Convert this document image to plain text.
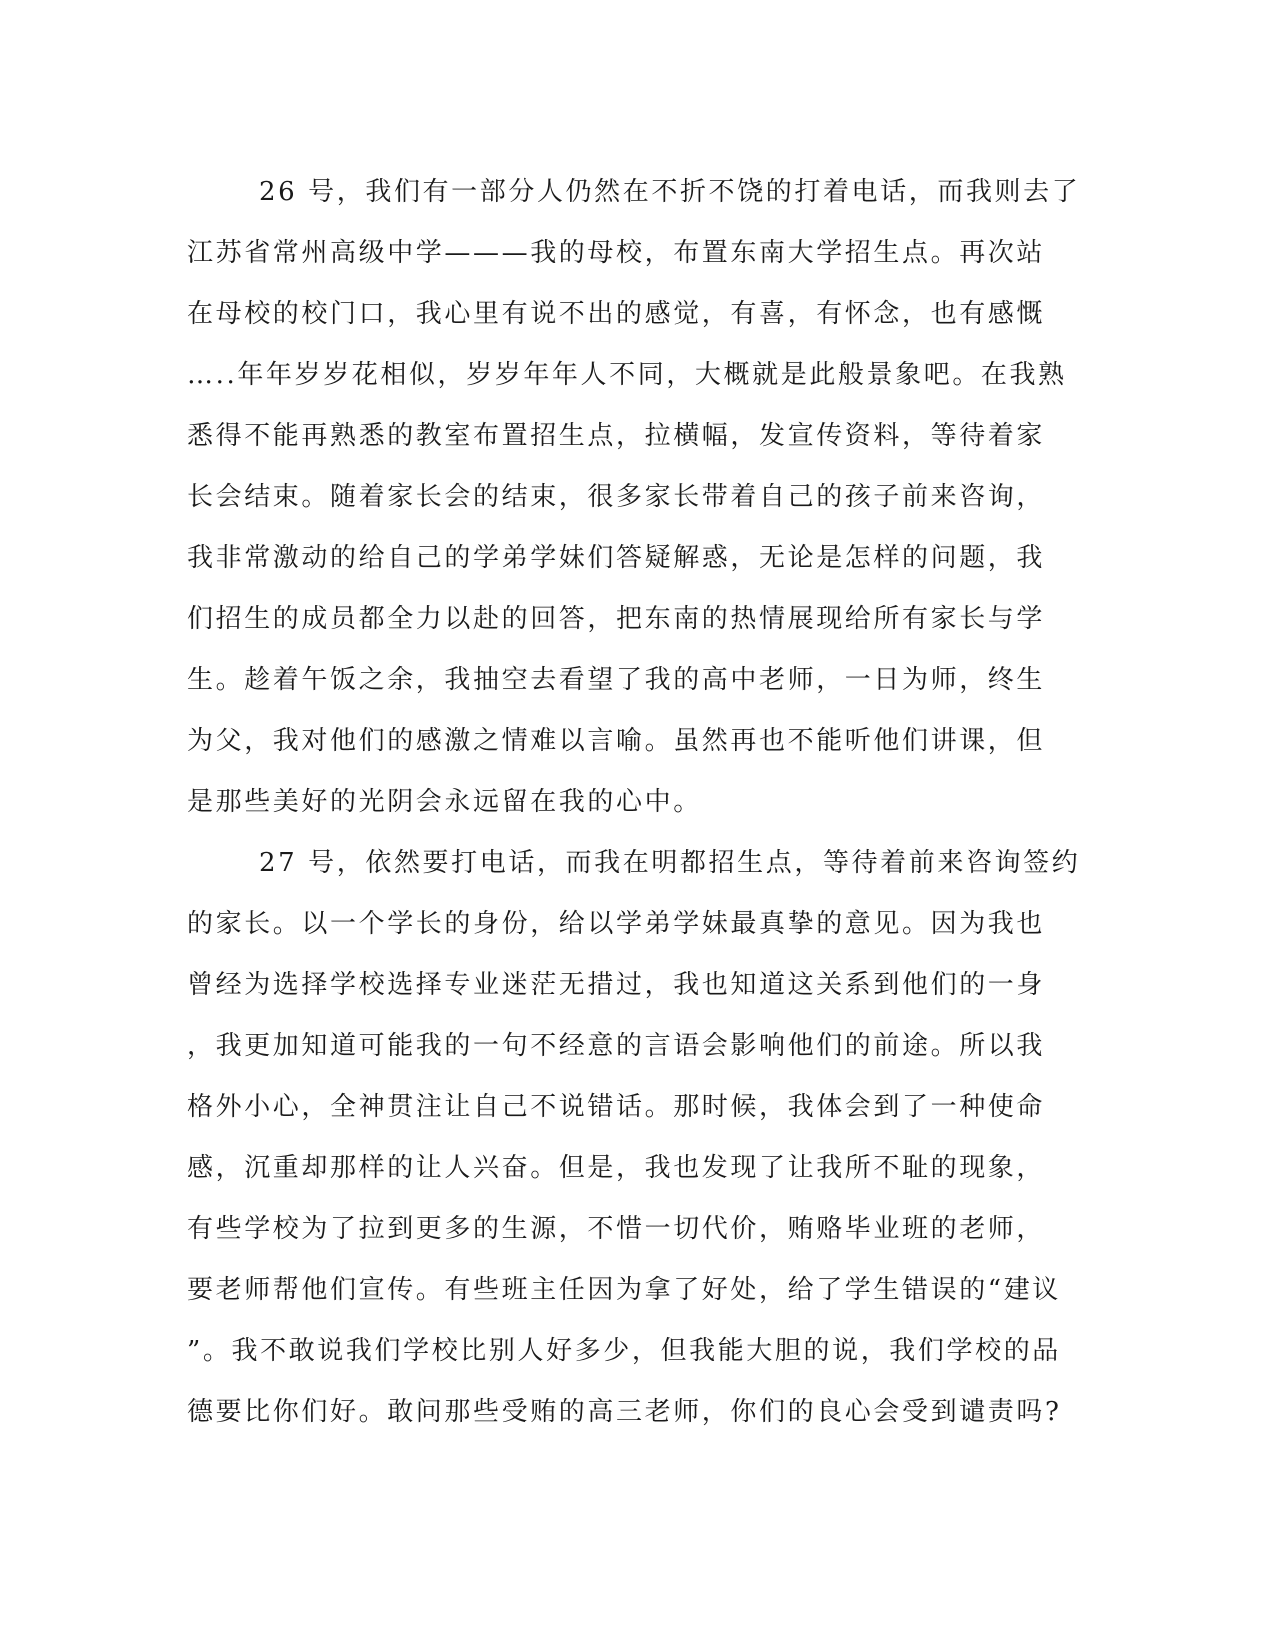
26 号，我们有一部分人仍然在不折不饶的打着电话，而我则去了
江苏省常州高级中学———我的母校，布置东南大学招生点。再次站
在母校的校门口，我心里有说不出的感觉，有喜，有怀念，也有感慨
…..年年岁岁花相似，岁岁年年人不同，大概就是此般景象吧。在我熟
悉得不能再熟悉的教室布置招生点，拉横幅，发宣传资料，等待着家
长会结束。随着家长会的结束，很多家长带着自己的孩子前来咨询，
我非常激动的给自己的学弟学妹们答疑解惑，无论是怎样的问题，我
们招生的成员都全力以赴的回答，把东南的热情展现给所有家长与学
生。趁着午饭之余，我抽空去看望了我的高中老师，一日为师，终生
为父，我对他们的感激之情难以言喻。虽然再也不能听他们讲课，但
是那些美好的光阴会永远留在我的心中。
27 号，依然要打电话，而我在明都招生点，等待着前来咨询签约
的家长。以一个学长的身份，给以学弟学妹最真挚的意见。因为我也
曾经为选择学校选择专业迷茫无措过，我也知道这关系到他们的一身
，我更加知道可能我的一句不经意的言语会影响他们的前途。所以我
格外小心，全神贯注让自己不说错话。那时候，我体会到了一种使命
感，沉重却那样的让人兴奋。但是，我也发现了让我所不耻的现象，
有些学校为了拉到更多的生源，不惜一切代价，贿赂毕业班的老师，
要老师帮他们宣传。有些班主任因为拿了好处，给了学生错误的“建议
”。我不敢说我们学校比别人好多少，但我能大胆的说，我们学校的品
德要比你们好。敢问那些受贿的高三老师，你们的良心会受到谴责吗?
